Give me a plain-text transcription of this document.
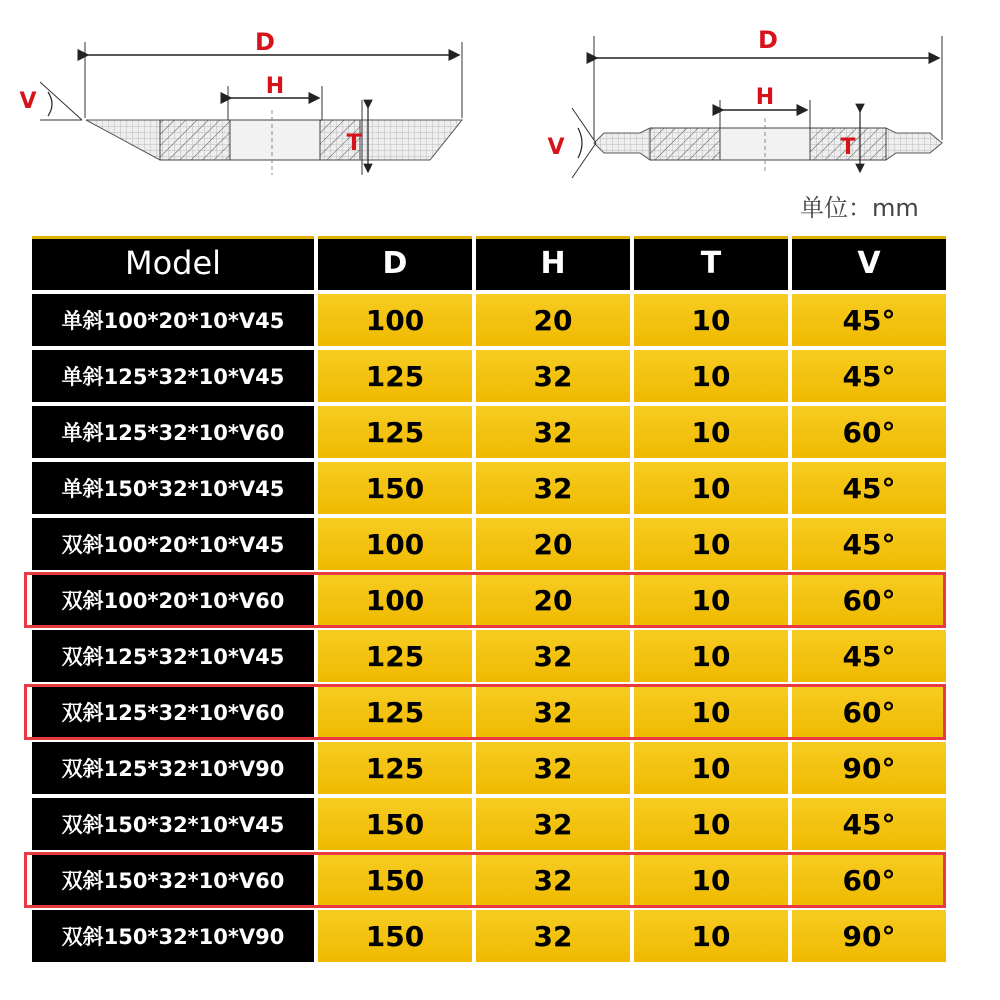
D
H
T
V
D
H
T
V
单位：mm
Model	D	H	T	V
单斜100*20*10*V45	100	20	10	45°
单斜125*32*10*V45	125	32	10	45°
单斜125*32*10*V60	125	32	10	60°
单斜150*32*10*V45	150	32	10	45°
双斜100*20*10*V45	100	20	10	45°
双斜100*20*10*V60	100	20	10	60°
双斜125*32*10*V45	125	32	10	45°
双斜125*32*10*V60	125	32	10	60°
双斜125*32*10*V90	125	32	10	90°
双斜150*32*10*V45	150	32	10	45°
双斜150*32*10*V60	150	32	10	60°
双斜150*32*10*V90	150	32	10	90°
